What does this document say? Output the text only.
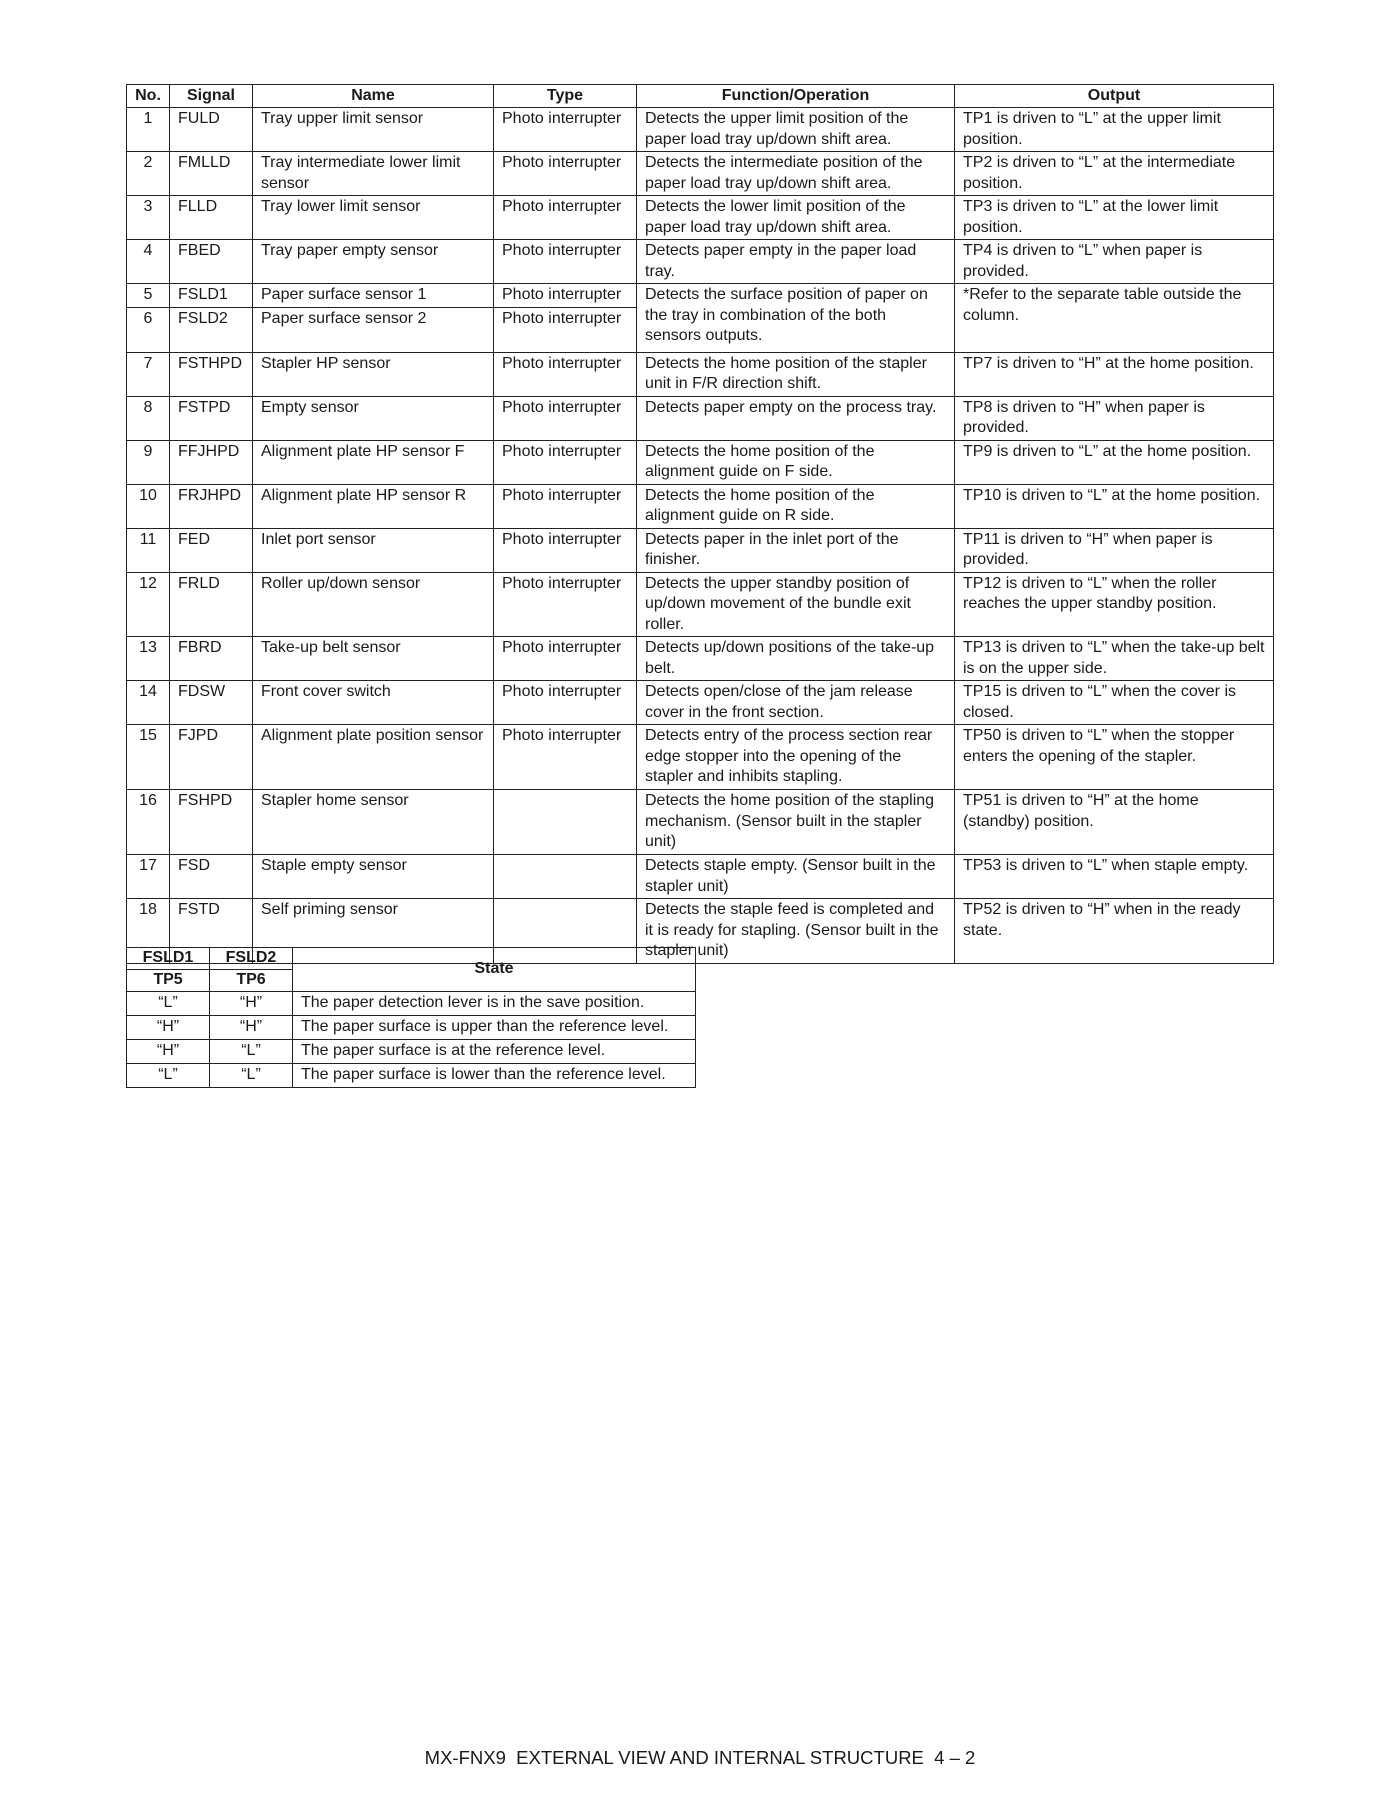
No.	Signal	Name	Type	Function/Operation	Output
1	FULD	Tray upper limit sensor	Photo interrupter	Detects the upper limit position of the paper load tray up/down shift area.	TP1 is driven to “L” at the upper limit position.
2	FMLLD	Tray intermediate lower limit sensor	Photo interrupter	Detects the intermediate position of the paper load tray up/down shift area.	TP2 is driven to “L” at the intermediate position.
3	FLLD	Tray lower limit sensor	Photo interrupter	Detects the lower limit position of the paper load tray up/down shift area.	TP3 is driven to “L” at the lower limit position.
4	FBED	Tray paper empty sensor	Photo interrupter	Detects paper empty in the paper load tray.	TP4 is driven to “L” when paper is provided.
5	FSLD1	Paper surface sensor 1	Photo interrupter	Detects the surface position of paper on the tray in combination of the both sensors outputs.	*Refer to the separate table outside the column.
6	FSLD2	Paper surface sensor 2	Photo interrupter		
7	FSTHPD	Stapler HP sensor	Photo interrupter	Detects the home position of the stapler unit in F/R direction shift.	TP7 is driven to “H” at the home position.
8	FSTPD	Empty sensor	Photo interrupter	Detects paper empty on the process tray.	TP8 is driven to “H” when paper is provided.
9	FFJHPD	Alignment plate HP sensor F	Photo interrupter	Detects the home position of the alignment guide on F side.	TP9 is driven to “L” at the home position.
10	FRJHPD	Alignment plate HP sensor R	Photo interrupter	Detects the home position of the alignment guide on R side.	TP10 is driven to “L” at the home position.
11	FED	Inlet port sensor	Photo interrupter	Detects paper in the inlet port of the finisher.	TP11 is driven to “H” when paper is provided.
12	FRLD	Roller up/down sensor	Photo interrupter	Detects the upper standby position of up/down movement of the bundle exit roller.	TP12 is driven to “L” when the roller reaches the upper standby position.
13	FBRD	Take-up belt sensor	Photo interrupter	Detects up/down positions of the take-up belt.	TP13 is driven to “L” when the take-up belt is on the upper side.
14	FDSW	Front cover switch	Photo interrupter	Detects open/close of the jam release cover in the front section.	TP15 is driven to “L” when the cover is closed.
15	FJPD	Alignment plate position sensor	Photo interrupter	Detects entry of the process section rear edge stopper into the opening of the stapler and inhibits stapling.	TP50 is driven to “L” when the stopper enters the opening of the stapler.
16	FSHPD	Stapler home sensor		Detects the home position of the stapling mechanism. (Sensor built in the stapler unit)	TP51 is driven to “H” at the home (standby) position.
17	FSD	Staple empty sensor		Detects staple empty. (Sensor built in the stapler unit)	TP53 is driven to “L” when staple empty.
18	FSTD	Self priming sensor		Detects the staple feed is completed and it is ready for stapling. (Sensor built in the stapler unit)	TP52 is driven to “H” when in the ready state.
FSLD1	FSLD2	State
TP5	TP6	
“L”	“H”	The paper detection lever is in the save position.
“H”	“H”	The paper surface is upper than the reference level.
“H”	“L”	The paper surface is at the reference level.
“L”	“L”	The paper surface is lower than the reference level.
MX-FNX9  EXTERNAL VIEW AND INTERNAL STRUCTURE  4 – 2
